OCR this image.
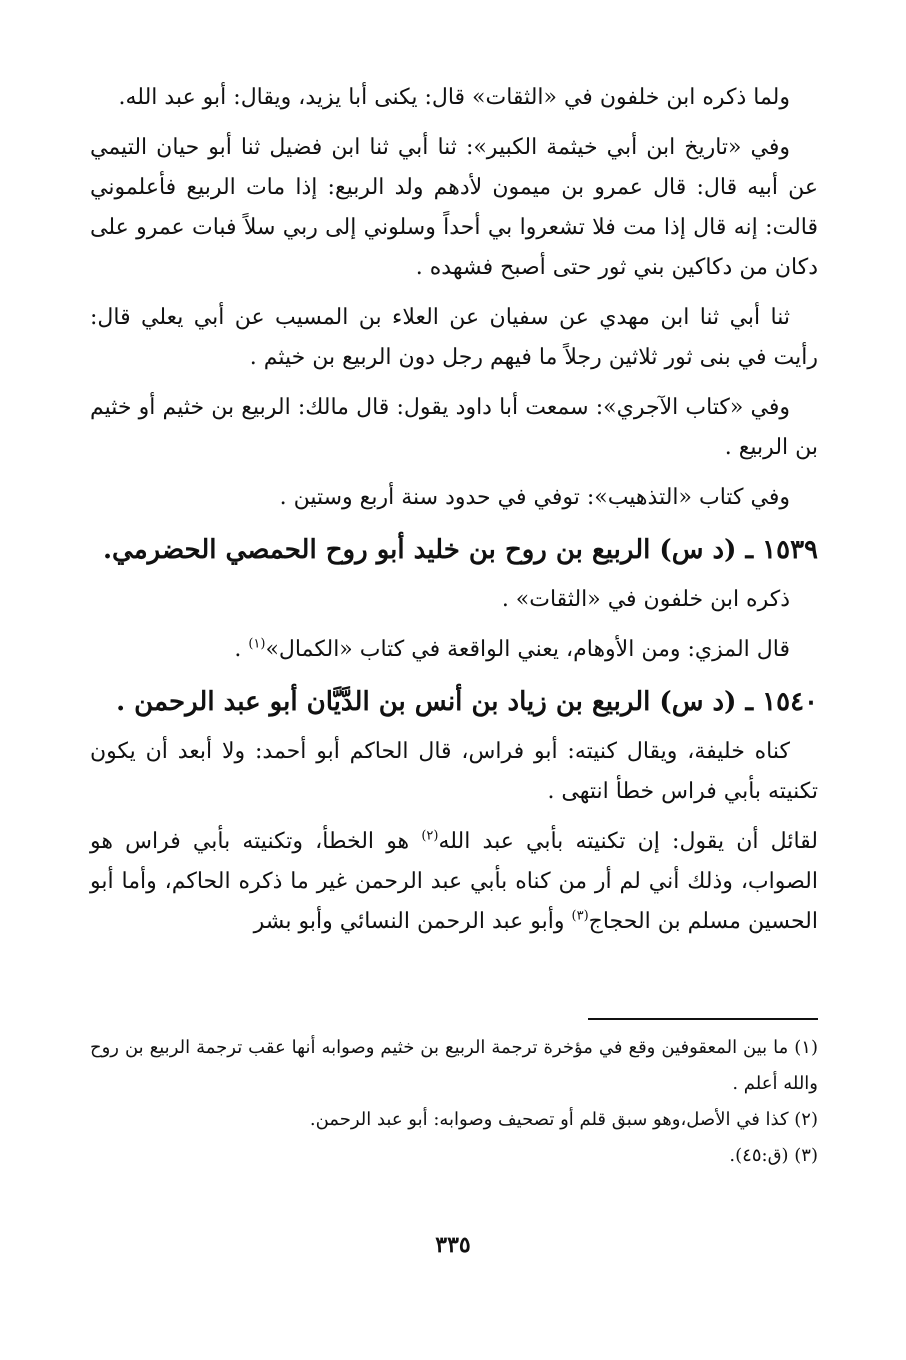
ولما ذكره ابن خلفون في «الثقات» قال: يكنى أبا يزيد، ويقال: أبو عبد الله.

وفي «تاريخ ابن أبي خيثمة الكبير»: ثنا أبي ثنا ابن فضيل ثنا أبو حيان التيمي عن أبيه قال: قال عمرو بن ميمون لأدهم ولد الربيع: إذا مات الربيع فأعلموني قالت: إنه قال إذا مت فلا تشعروا بي أحداً وسلوني إلى ربي سلاً فبات عمرو على دكان من دكاكين بني ثور حتى أصبح فشهده .

ثنا أبي ثنا ابن مهدي عن سفيان عن العلاء بن المسيب عن أبي يعلي قال: رأيت في بنى ثور ثلاثين رجلاً ما فيهم رجل دون الربيع بن خيثم .

وفي «كتاب الآجري»: سمعت أبا داود يقول: قال مالك: الربيع بن خثيم أو خثيم بن الربيع .

وفي كتاب «التذهيب»: توفي في حدود سنة أربع وستين .

١٥٣٩ ـ (د س) الربيع بن روح بن خليد أبو روح الحمصي الحضرمي.

ذكره ابن خلفون في «الثقات» .

قال المزي: ومن الأوهام، يعني الواقعة في كتاب «الكمال»$^{(١)}$ .

١٥٤٠ ـ (د س) الربيع بن زياد بن أنس بن الدَّيَّان أبو عبد الرحمن .

كناه خليفة، ويقال كنيته: أبو فراس، قال الحاكم أبو أحمد: ولا أبعد أن يكون تكنيته بأبي فراس خطأ انتهى .

لقائل أن يقول: إن تكنيته بأبي عبد الله$^{(٢)}$ هو الخطأ، وتكنيته بأبي فراس هو الصواب، وذلك أني لم أر من كناه بأبي عبد الرحمن غير ما ذكره الحاكم، وأما أبو الحسين مسلم بن الحجاج$^{(٣)}$ وأبو عبد الرحمن النسائي وأبو بشر

(١) ما بين المعقوفين وقع في مؤخرة ترجمة الربيع بن خثيم وصوابه أنها عقب ترجمة الربيع بن روح والله أعلم .

(٢) كذا في الأصل،وهو سبق قلم أو تصحيف وصوابه: أبو عبد الرحمن.

(٣) (ق:٤٥).

٣٣٥
